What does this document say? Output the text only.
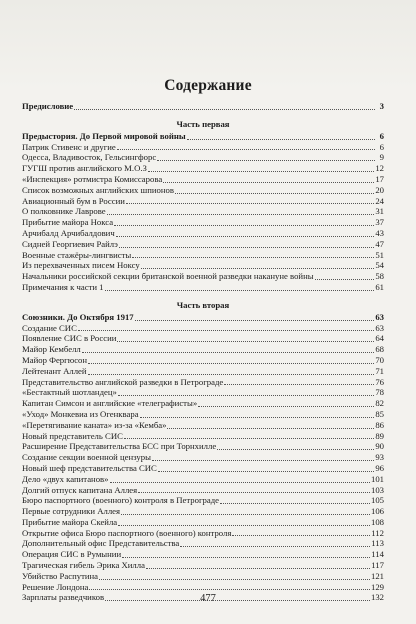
Содержание
Предисловие	3
Часть первая
Предыстория. До Первой мировой войны	6
Патрик Стивенс и другие	6
Одесса, Владивосток, Гельсингфорс	9
ГУГШ против английского М.О.З	12
«Инспекция» ротмистра Комиссарова	17
Список возможных английских шпионов	20
Авиационный бум в России	24
О полковнике Лаврове	31
Прибытие майора Нокса	37
Арчибалд Арчибалдович	43
Сидней Георгиевич Райлэ	47
Военные стажёры-лингвисты	51
Из перехваченных писем Ноксу	54
Начальники российской секции британской военной разведки накануне войны	58
Примечания к части 1	61
Часть вторая
Союзники. До Октября 1917	63
Создание СИС	63
Появление СИС в России	64
Майор Кембелл	68
Майор Фергюсон	70
Лейтенант Аллей	71
Представительство английской разведки в Петрограде	76
«Бестактный шотландец»	78
Капитан Симсон и английские «телеграфисты»	82
«Уход» Монкевиа из Огенквара	85
«Перетягивание каната» из-за «Кемба»	86
Новый представитель СИС	89
Расширение Представительства БСС при Торнхилле	90
Создание секции военной цензуры	93
Новый шеф представительства СИС	96
Дело «двух капитанов»	101
Долгий отпуск капитана Аллея	103
Бюро паспортного (военного) контроля в Петрограде	105
Первые сотрудники Аллея	106
Прибытие майора Скейла	108
Открытие офиса Бюро паспортного (военного) контроля	112
Дополнительный офис Представительства	113
Операция СИС в Румынии	114
Трагическая гибель Эрика Хилла	117
Убийство Распутина	121
Решение Лондона	129
Зарплаты разведчиков	132
477
